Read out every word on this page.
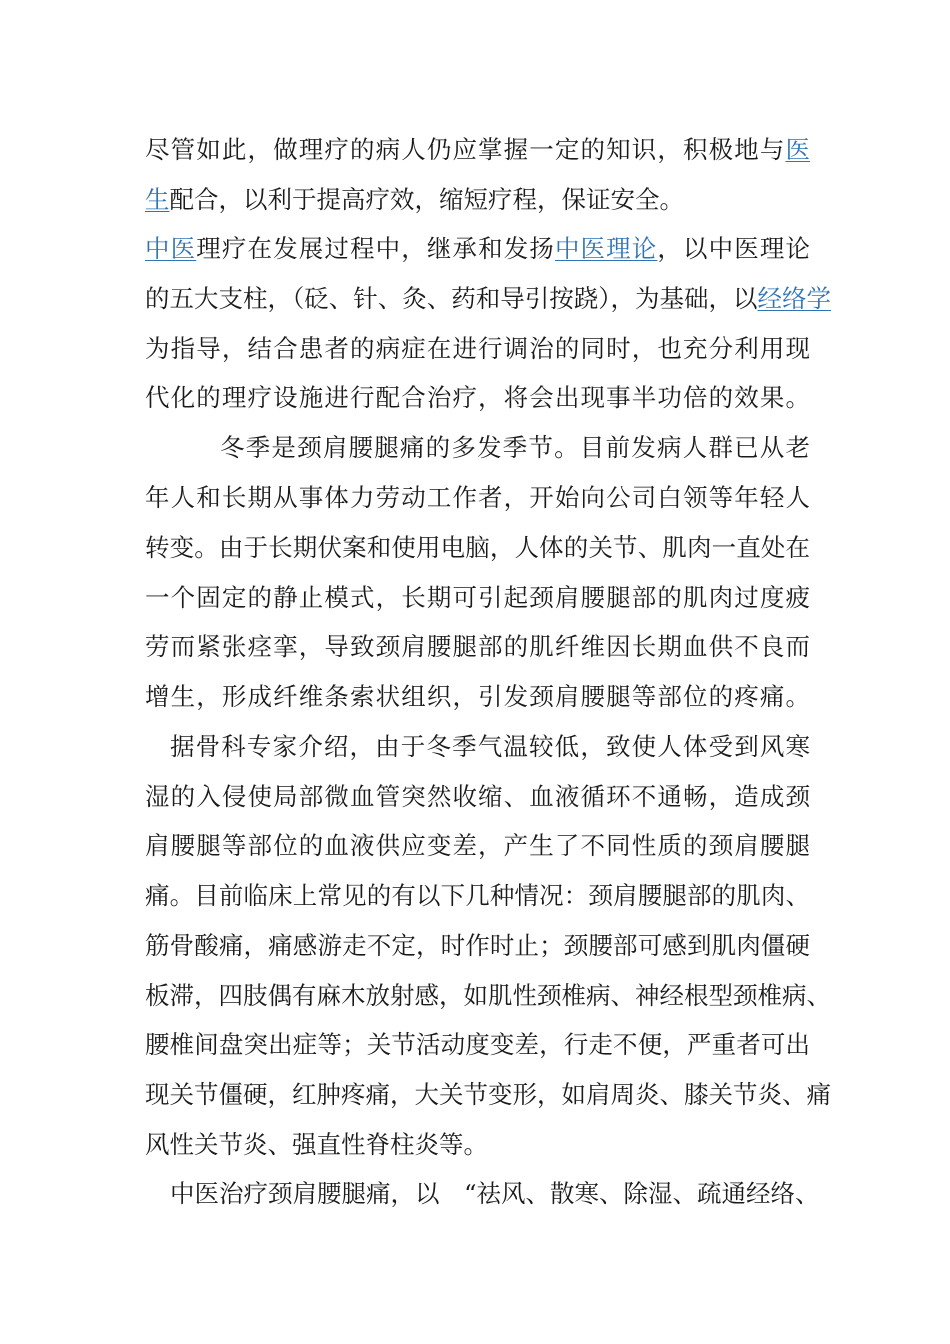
尽管如此，做理疗的病人仍应掌握一定的知识，积极地与医
生配合，以利于提高疗效，缩短疗程，保证安全。
中医理疗在发展过程中，继承和发扬中医理论，以中医理论
的五大支柱，（砭、针、灸、药和导引按跷），为基础，以经络学
为指导，结合患者的病症在进行调治的同时，也充分利用现
代化的理疗设施进行配合治疗，将会出现事半功倍的效果。
冬季是颈肩腰腿痛的多发季节。目前发病人群已从老
年人和长期从事体力劳动工作者，开始向公司白领等年轻人
转变。由于长期伏案和使用电脑，人体的关节、肌肉一直处在
一个固定的静止模式，长期可引起颈肩腰腿部的肌肉过度疲
劳而紧张痉挛，导致颈肩腰腿部的肌纤维因长期血供不良而
增生，形成纤维条索状组织，引发颈肩腰腿等部位的疼痛。
据骨科专家介绍，由于冬季气温较低，致使人体受到风寒
湿的入侵使局部微血管突然收缩、血液循环不通畅，造成颈
肩腰腿等部位的血液供应变差，产生了不同性质的颈肩腰腿
痛。目前临床上常见的有以下几种情况：颈肩腰腿部的肌肉、
筋骨酸痛，痛感游走不定，时作时止；颈腰部可感到肌肉僵硬
板滞，四肢偶有麻木放射感，如肌性颈椎病、神经根型颈椎病、
腰椎间盘突出症等；关节活动度变差，行走不便，严重者可出
现关节僵硬，红肿疼痛，大关节变形，如肩周炎、膝关节炎、痛
风性关节炎、强直性脊柱炎等。
中医治疗颈肩腰腿痛，以　“祛风、散寒、除湿、疏通经络、
